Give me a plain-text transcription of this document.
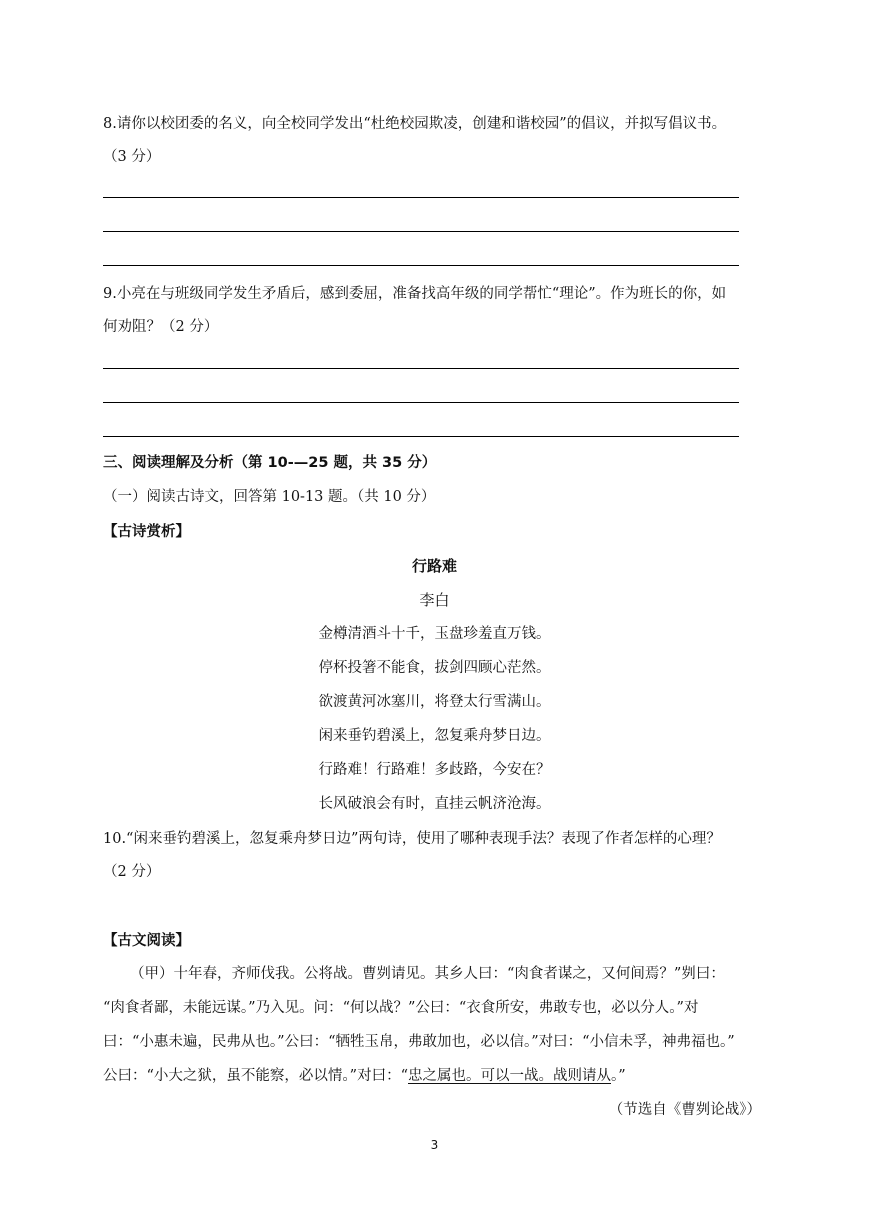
8.请你以校团委的名义，向全校同学发出“杜绝校园欺凌，创建和谐校园”的倡议，并拟写倡议书。
（3 分）
9.小亮在与班级同学发生矛盾后，感到委屈，准备找高年级的同学帮忙“理论”。作为班长的你，如
何劝阻？（2 分）
三、阅读理解及分析（第 10-—25 题，共 35 分）
（一）阅读古诗文，回答第 10-13 题。（共 10 分）
【古诗赏析】
行路难
李白
金樽清酒斗十千，玉盘珍羞直万钱。
停杯投箸不能食，拔剑四顾心茫然。
欲渡黄河冰塞川，将登太行雪满山。
闲来垂钓碧溪上，忽复乘舟梦日边。
行路难！行路难！多歧路，今安在？
长风破浪会有时，直挂云帆济沧海。
10.“闲来垂钓碧溪上，忽复乘舟梦日边”两句诗，使用了哪种表现手法？表现了作者怎样的心理？
（2 分）
【古文阅读】
（甲）十年春，齐师伐我。公将战。曹刿请见。其乡人曰：“肉食者谋之，又何间焉？”刿曰：
“肉食者鄙，未能远谋。”乃入见。问：“何以战？”公曰：“衣食所安，弗敢专也，必以分人。”对
曰：“小惠未遍，民弗从也。”公曰：“牺牲玉帛，弗敢加也，必以信。”对曰：“小信未孚，神弗福也。”
公曰：“小大之狱，虽不能察，必以情。”对曰：“忠之属也。可以一战。战则请从。”
（节选自《曹刿论战》）
3
